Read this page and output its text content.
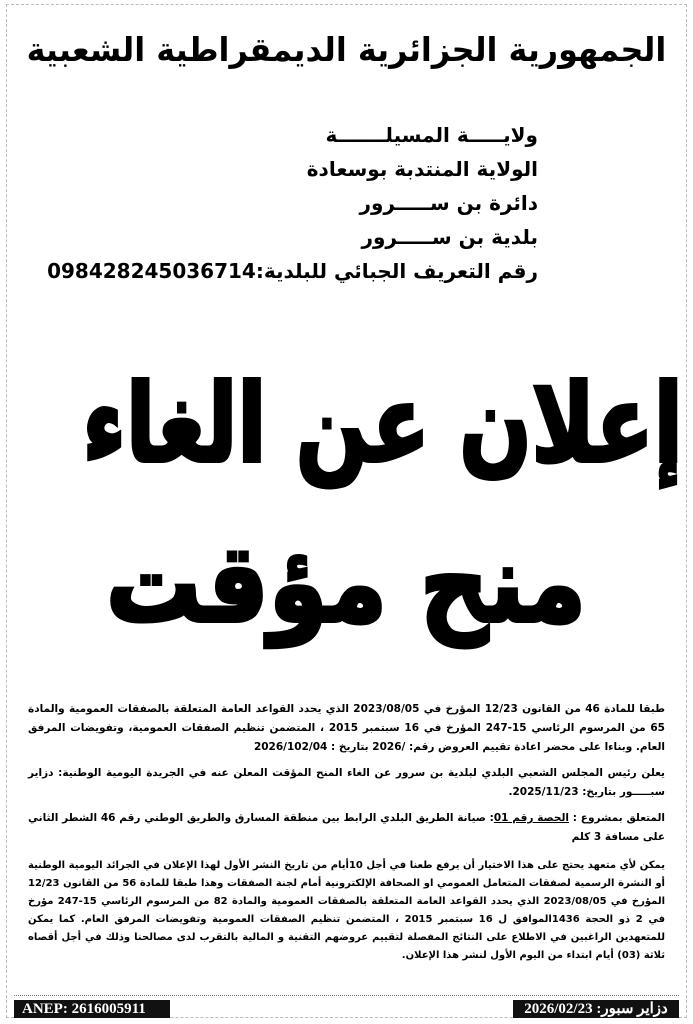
الجمهورية الجزائرية الديمقراطية الشعبية
ولايـــــة المسيلـــــــة
الولاية المنتدبة بوسعادة
دائرة بن ســـــرور
بلدية بن ســـــرور
رقم التعريف الجبائي للبلدية:098428245036714
إعلان عن الغاء
منح مؤقت

طبقا للمادة 46 من القانون 12/23 المؤرخ في 2023/08/05 الذي يحدد القواعد العامة المتعلقة بالصفقات العمومية والمادة 65 من المرسوم الرئاسي 15-247 المؤرخ في 16 سبتمبر 2015 ، المتضمن تنظيم الصفقات العمومية، وتفويضات المرفق العام. وبناءا على محضر اعادة تقييم العروض رقم: /2026 بتاريخ : 2026/102/04

يعلن رئيس المجلس الشعبي البلدي لبلدية بن سرور عن الغاء المنح المؤقت المعلن عنه في الجريدة اليومية الوطنية: دزاير سبـــــور بتاريخ: 2025/11/23.

المتعلق بمشروع : الحصة رقم 01: صيانة الطريق البلدي الرابط بين منطقة المسارق والطريق الوطني رقم 46 الشطر الثاني على مسافة 3 كلم

يمكن لأي متعهد يحتج على هذا الاختيار أن يرفع طعنا في أجل 10أيام من تاريخ النشر الأول لهذا الإعلان في الجرائد اليومية الوطنية أو النشرة الرسمية لصفقات المتعامل العمومي او الصحافة الإلكترونية أمام لجنة الصفقات وهذا طبقا للمادة 56 من القانون 12/23 المؤرخ في 2023/08/05 الذي يحدد القواعد العامة المتعلقة بالصفقات العمومية والمادة 82 من المرسوم الرئاسي 15-247 مؤرخ في 2 ذو الحجة 1436الموافق ل 16 سبتمبر 2015 ، المتضمن تنظيم الصفقات العمومية وتفويضات المرفق العام. كما يمكن للمتعهدين الراغبين في الاطلاع على النتائج المفصلة لتقييم عروضهم التقنية و المالية بالتقرب لدى مصالحنا وذلك في أجل أقصاه ثلاثة (03) أيام ابتداء من اليوم الأول لنشر هذا الإعلان.

ANEP: 2616005911	دزاير سبور: 2026/02/23
